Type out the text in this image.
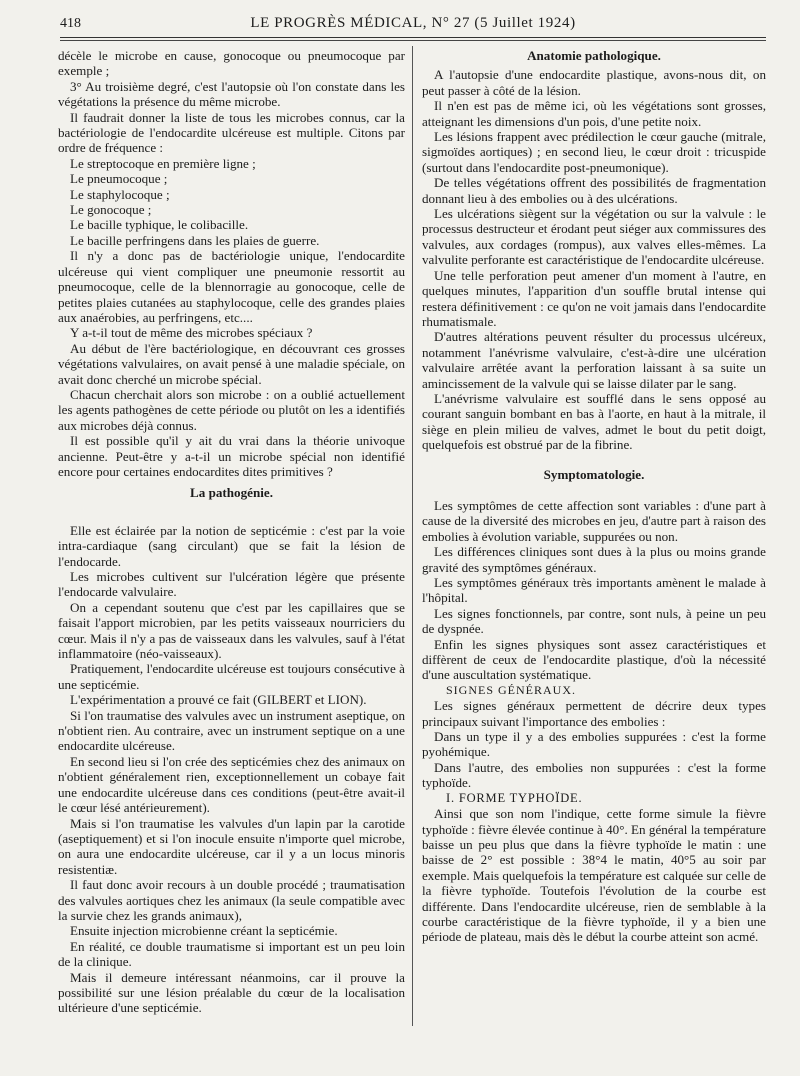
418	LE PROGRÈS MÉDICAL, N° 27 (5 Juillet 1924)

décèle le microbe en cause, gonocoque ou pneumocoque par exemple ;

3° Au troisième degré, c'est l'autopsie où l'on constate dans les végétations la présence du même microbe.

Il faudrait donner la liste de tous les microbes connus, car la bactériologie de l'endocardite ulcéreuse est multiple. Citons par ordre de fréquence :

Le streptocoque en première ligne ;

Le pneumocoque ;

Le staphylocoque ;

Le gonocoque ;

Le bacille typhique, le colibacille.

Le bacille perfringens dans les plaies de guerre.

Il n'y a donc pas de bactériologie unique, l'endocardite ulcéreuse qui vient compliquer une pneumonie ressortit au pneumocoque, celle de la blennorragie au gonocoque, celle de petites plaies cutanées au staphylocoque, celle des grandes plaies aux anaérobies, au perfringens, etc....

Y a-t-il tout de même des microbes spéciaux ?

Au début de l'ère bactériologique, en découvrant ces grosses végétations valvulaires, on avait pensé à une maladie spéciale, on avait donc cherché un microbe spécial.

Chacun cherchait alors son microbe : on a oublié actuellement les agents pathogènes de cette période ou plutôt on les a identifiés aux microbes déjà connus.

Il est possible qu'il y ait du vrai dans la théorie univoque ancienne. Peut-être y a-t-il un microbe spécial non identifié encore pour certaines endocardites dites primitives ?

La pathogénie.

Elle est éclairée par la notion de septicémie : c'est par la voie intra-cardiaque (sang circulant) que se fait la lésion de l'endocarde.

Les microbes cultivent sur l'ulcération légère que présente l'endocarde valvulaire.

On a cependant soutenu que c'est par les capillaires que se faisait l'apport microbien, par les petits vaisseaux nourriciers du cœur. Mais il n'y a pas de vaisseaux dans les valvules, sauf à l'état inflammatoire (néo-vaisseaux).

Pratiquement, l'endocardite ulcéreuse est toujours consécutive à une septicémie.

L'expérimentation a prouvé ce fait (GILBERT et LION).

Si l'on traumatise des valvules avec un instrument aseptique, on n'obtient rien. Au contraire, avec un instrument septique on a une endocardite ulcéreuse.

En second lieu si l'on crée des septicémies chez des animaux on n'obtient généralement rien, exceptionnellement un cobaye fait une endocardite ulcéreuse dans ces conditions (peut-être avait-il le cœur lésé antérieurement).

Mais si l'on traumatise les valvules d'un lapin par la carotide (aseptiquement) et si l'on inocule ensuite n'importe quel microbe, on aura une endocardite ulcéreuse, car il y a un locus minoris resistentiæ.

Il faut donc avoir recours à un double procédé ; traumatisation des valvules aortiques chez les animaux (la seule compatible avec la survie chez les grands animaux),

Ensuite injection microbienne créant la septicémie.

En réalité, ce double traumatisme si important est un peu loin de la clinique.

Mais il demeure intéressant néanmoins, car il prouve la possibilité sur une lésion préalable du cœur de la localisation ultérieure d'une septicémie.

Anatomie pathologique.

A l'autopsie d'une endocardite plastique, avons-nous dit, on peut passer à côté de la lésion.

Il n'en est pas de même ici, où les végétations sont grosses, atteignant les dimensions d'un pois, d'une petite noix.

Les lésions frappent avec prédilection le cœur gauche (mitrale, sigmoïdes aortiques) ; en second lieu, le cœur droit : tricuspide (surtout dans l'endocardite post-pneumonique).

De telles végétations offrent des possibilités de fragmentation donnant lieu à des embolies ou à des ulcérations.

Les ulcérations siègent sur la végétation ou sur la valvule : le processus destructeur et érodant peut siéger aux commissures des valvules, aux cordages (rompus), aux valves elles-mêmes. La valvulite perforante est caractéristique de l'endocardite ulcéreuse.

Une telle perforation peut amener d'un moment à l'autre, en quelques minutes, l'apparition d'un souffle brutal intense qui restera définitivement : ce qu'on ne voit jamais dans l'endocardite rhumatismale.

D'autres altérations peuvent résulter du processus ulcéreux, notamment l'anévrisme valvulaire, c'est-à-dire une ulcération valvulaire arrêtée avant la perforation laissant à sa suite un amincissement de la valvule qui se laisse dilater par le sang.

L'anévrisme valvulaire est soufflé dans le sens opposé au courant sanguin bombant en bas à l'aorte, en haut à la mitrale, il siège en plein milieu de valves, admet le bout du petit doigt, quelquefois est obstrué par de la fibrine.

Symptomatologie.

Les symptômes de cette affection sont variables : d'une part à cause de la diversité des microbes en jeu, d'autre part à raison des embolies à évolution variable, suppurées ou non.

Les différences cliniques sont dues à la plus ou moins grande gravité des symptômes généraux.

Les symptômes généraux très importants amènent le malade à l'hôpital.

Les signes fonctionnels, par contre, sont nuls, à peine un peu de dyspnée.

Enfin les signes physiques sont assez caractéristiques et diffèrent de ceux de l'endocardite plastique, d'où la nécessité d'une auscultation systématique.

SIGNES GÉNÉRAUX.

Les signes généraux permettent de décrire deux types principaux suivant l'importance des embolies :

Dans un type il y a des embolies suppurées : c'est la forme pyohémique.

Dans l'autre, des embolies non suppurées : c'est la forme typhoïde.

I. FORME TYPHOÏDE.

Ainsi que son nom l'indique, cette forme simule la fièvre typhoïde : fièvre élevée continue à 40°. En général la température baisse un peu plus que dans la fièvre typhoïde le matin : une baisse de 2° est possible : 38°4 le matin, 40°5 au soir par exemple. Mais quelquefois la température est calquée sur celle de la fièvre typhoïde. Toutefois l'évolution de la courbe est différente. Dans l'endocardite ulcéreuse, rien de semblable à la courbe caractéristique de la fièvre typhoïde, il y a bien une période de plateau, mais dès le début la courbe atteint son acmé.
